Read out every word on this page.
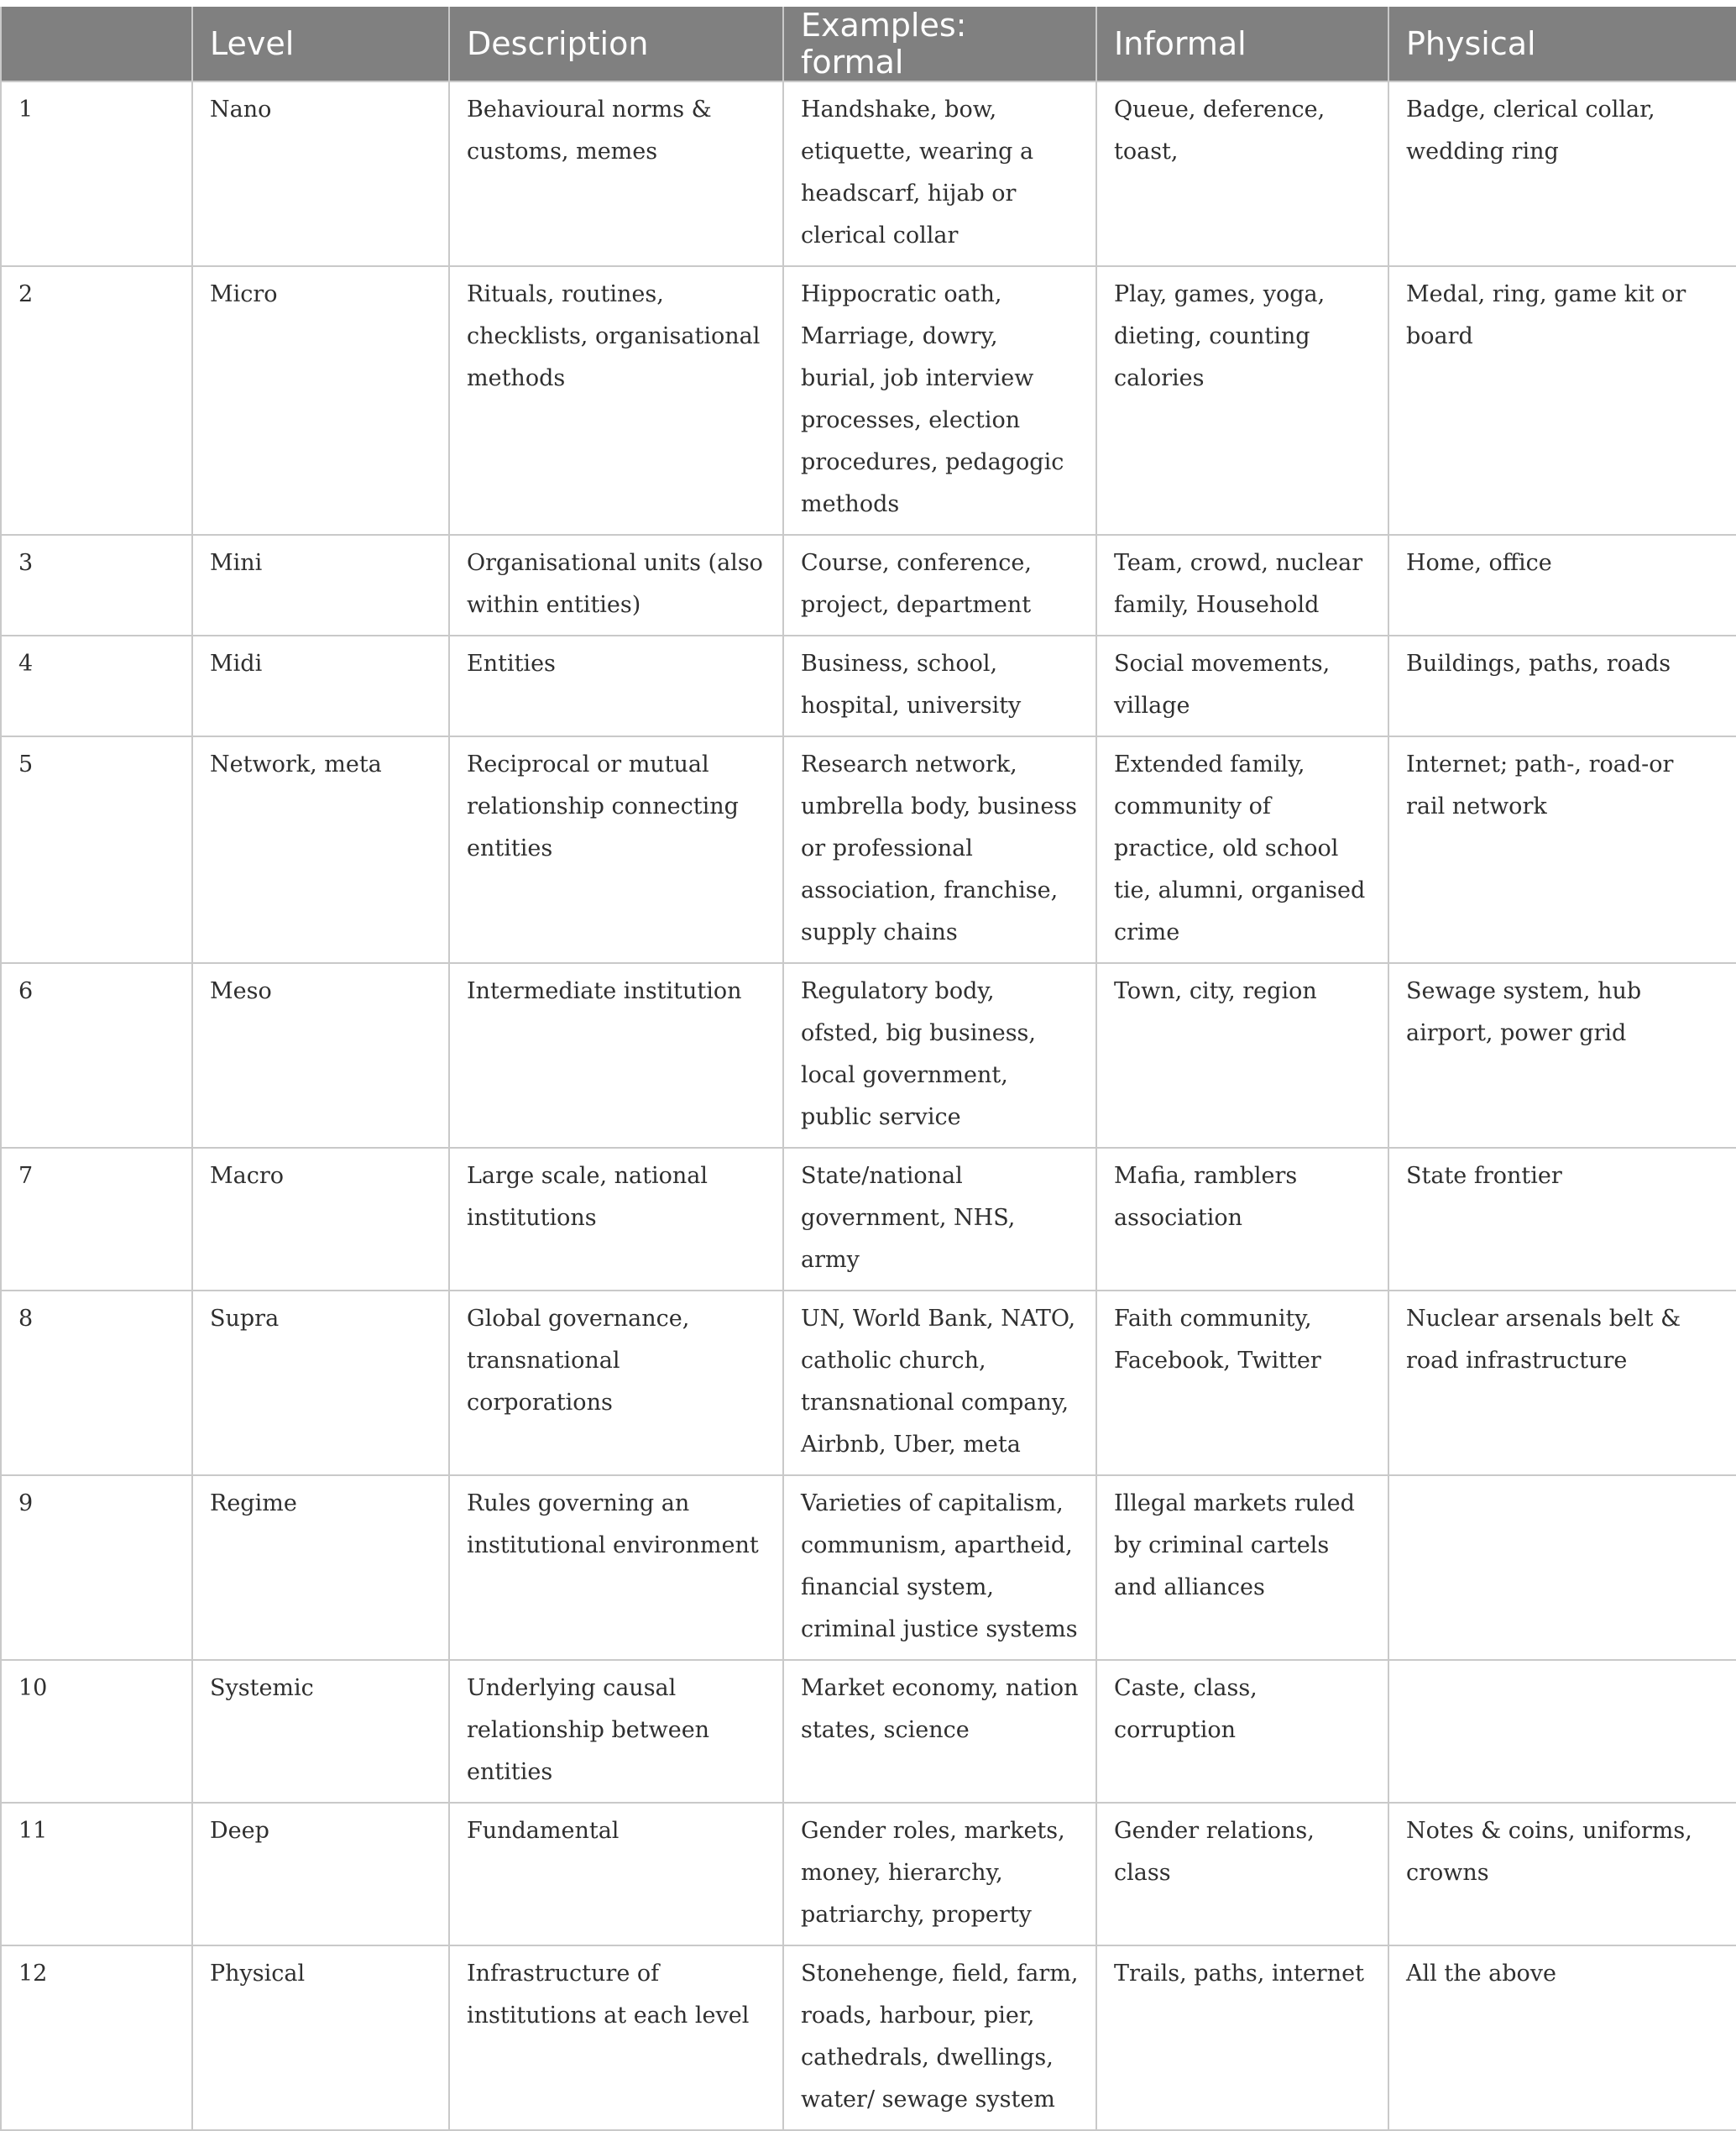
	Level	Description	Examples: formal	Informal	Physical
1	Nano	Behavioural norms & customs, memes	Handshake, bow, etiquette, wearing a headscarf, hijab or clerical collar	Queue, deference, toast,	Badge, clerical collar, wedding ring
2	Micro	Rituals, routines, checklists, organisational methods	Hippocratic oath, Marriage, dowry, burial, job interview processes, election procedures, pedagogic methods	Play, games, yoga, dieting, counting calories	Medal, ring, game kit or board
3	Mini	Organisational units (also within entities)	Course, conference, project, department	Team, crowd, nuclear family, Household	Home, office
4	Midi	Entities	Business, school, hospital, university	Social movements, village	Buildings, paths, roads
5	Network, meta	Reciprocal or mutual relationship connecting entities	Research network, umbrella body, business or professional association, franchise, supply chains	Extended family, community of practice, old school tie, alumni, organised crime	Internet; path-, road-or rail network
6	Meso	Intermediate institution	Regulatory body, ofsted, big business, local government, public service	Town, city, region	Sewage system, hub airport, power grid
7	Macro	Large scale, national institutions	State/national government, NHS, army	Mafia, ramblers association	State frontier
8	Supra	Global governance, transnational corporations	UN, World Bank, NATO, catholic church, transnational company, Airbnb, Uber, meta	Faith community, Facebook, Twitter	Nuclear arsenals belt & road infrastructure
9	Regime	Rules governing an institutional environment	Varieties of capitalism, communism, apartheid, financial system, criminal justice systems	Illegal markets ruled by criminal cartels and alliances	
10	Systemic	Underlying causal relationship between entities	Market economy, nation states, science	Caste, class, corruption	
11	Deep	Fundamental	Gender roles, markets, money, hierarchy, patriarchy, property	Gender relations, class	Notes & coins, uniforms, crowns
12	Physical	Infrastructure of institutions at each level	Stonehenge, field, farm, roads, harbour, pier, cathedrals, dwellings, water/ sewage system	Trails, paths, internet	All the above
